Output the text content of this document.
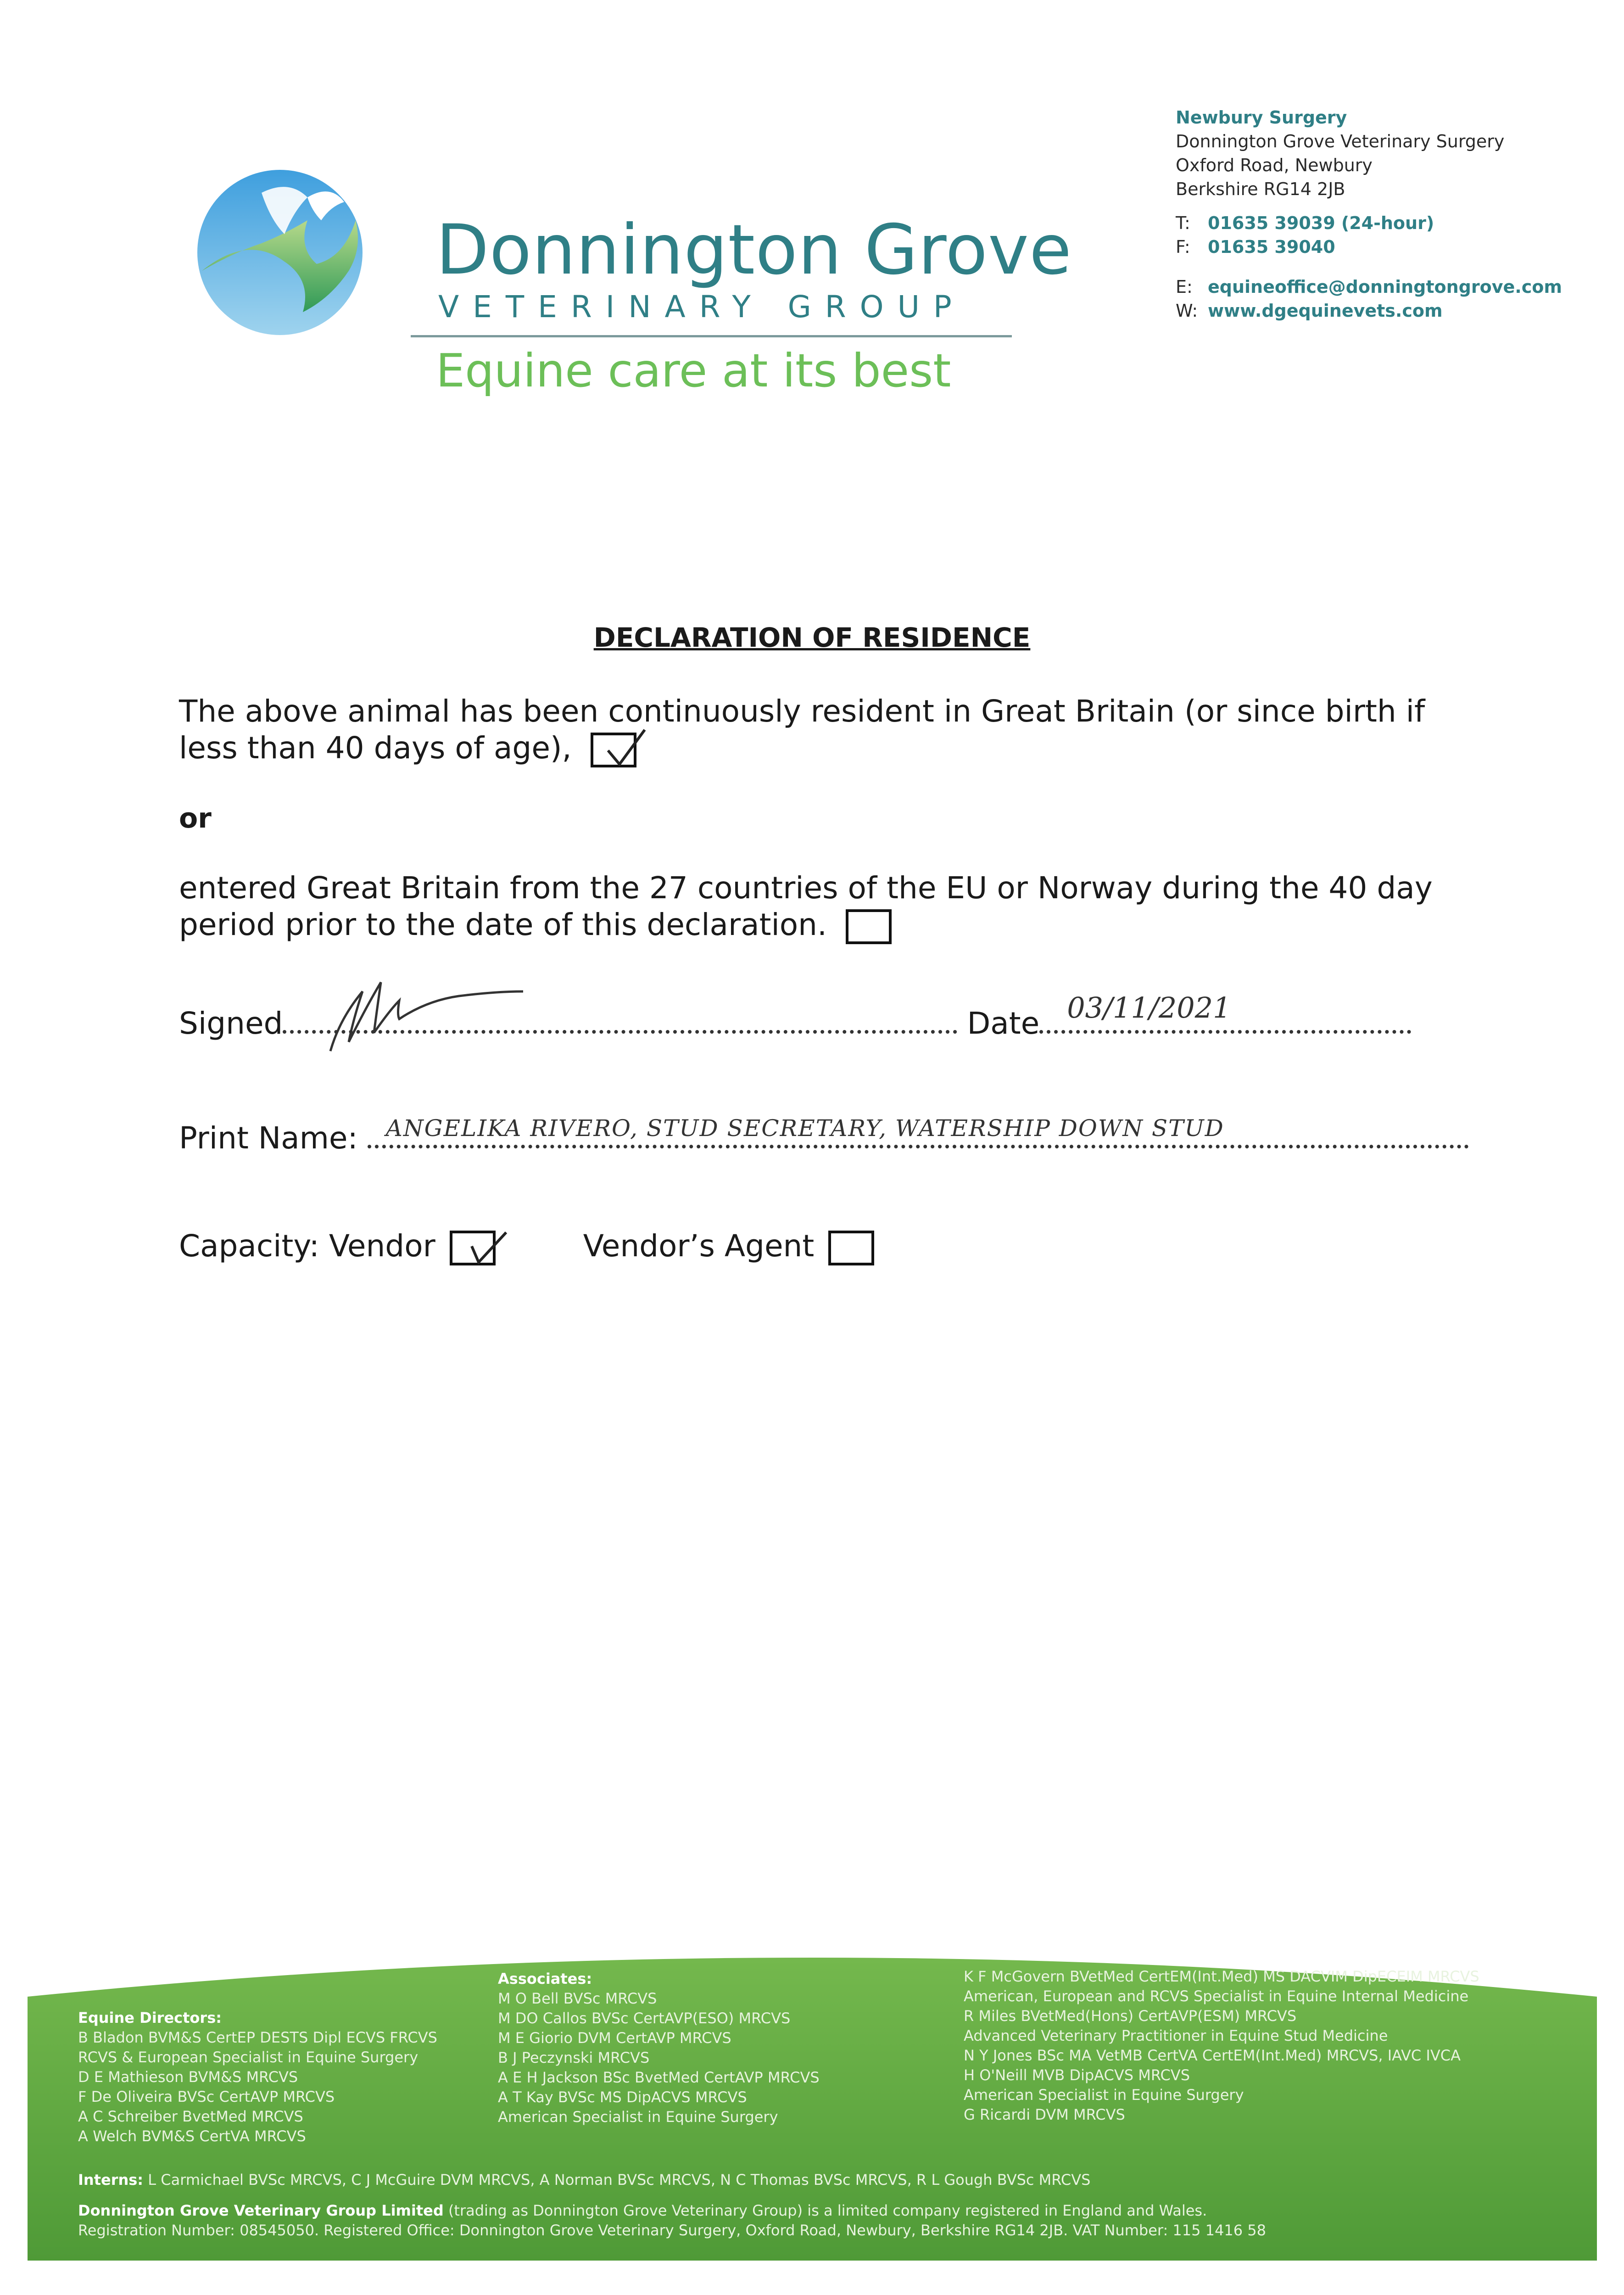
Donnington Grove
VETERINARY GROUP
Equine care at its best
Newbury Surgery
Donnington Grove Veterinary Surgery
Oxford Road, Newbury
Berkshire RG14 2JB
T: 01635 39039 (24-hour)
F: 01635 39040
E: equineoffice@donningtongrove.com
W: www.dgequinevets.com
DECLARATION OF RESIDENCE
The above animal has been continuously resident in Great Britain (or since birth if less than 40 days of age),
or
entered Great Britain from the 27 countries of the EU or Norway during the 40 day period prior to the date of this declaration.
Signed	Date 03/11/2021
Print Name: ANGELIKA RIVERO, STUD SECRETARY, WATERSHIP DOWN STUD
Capacity: Vendor	Vendor’s Agent
Equine Directors:
B Bladon BVM&S CertEP DESTS Dipl ECVS FRCVS
RCVS & European Specialist in Equine Surgery
D E Mathieson BVM&S MRCVS
F De Oliveira BVSc CertAVP MRCVS
A C Schreiber BvetMed MRCVS
A Welch BVM&S CertVA MRCVS
Associates:
M O Bell BVSc MRCVS
M DO Callos BVSc CertAVP(ESO) MRCVS
M E Giorio DVM CertAVP MRCVS
B J Peczynski MRCVS
A E H Jackson BSc BvetMed CertAVP MRCVS
A T Kay BVSc MS DipACVS MRCVS
American Specialist in Equine Surgery
K F McGovern BVetMed CertEM(Int.Med) MS DACVIM DipECEIM MRCVS
American, European and RCVS Specialist in Equine Internal Medicine
R Miles BVetMed(Hons) CertAVP(ESM) MRCVS
Advanced Veterinary Practitioner in Equine Stud Medicine
N Y Jones BSc MA VetMB CertVA CertEM(Int.Med) MRCVS, IAVC IVCA
H O'Neill MVB DipACVS MRCVS
American Specialist in Equine Surgery
G Ricardi DVM MRCVS
Interns: L Carmichael BVSc MRCVS, C J McGuire DVM MRCVS, A Norman BVSc MRCVS, N C Thomas BVSc MRCVS, R L Gough BVSc MRCVS
Donnington Grove Veterinary Group Limited (trading as Donnington Grove Veterinary Group) is a limited company registered in England and Wales.
Registration Number: 08545050. Registered Office: Donnington Grove Veterinary Surgery, Oxford Road, Newbury, Berkshire RG14 2JB. VAT Number: 115 1416 58
